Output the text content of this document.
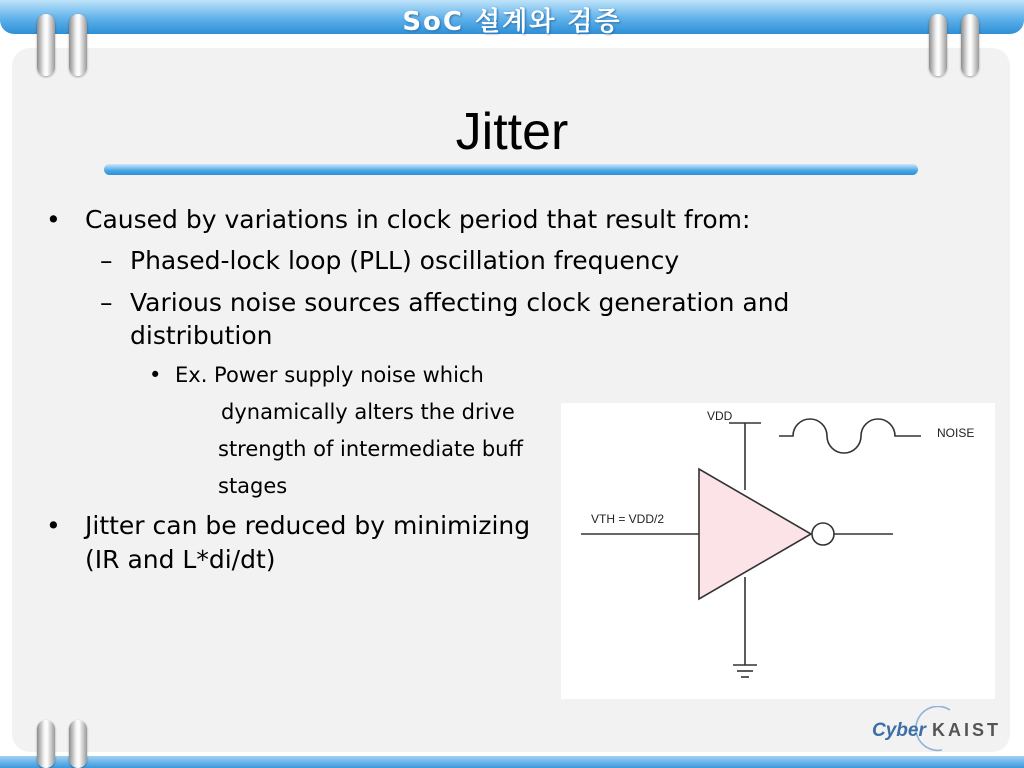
SoC 설계와 검증
Jitter
• Caused by variations in clock period that result from:
– Phased-lock loop (PLL) oscillation frequency
– Various noise sources affecting clock generation and
distribution
• Ex. Power supply noise which
dynamically alters the drive
strength of intermediate buff
stages
• Jitter can be reduced by minimizing
(IR and L*di/dt)
VDD
NOISE
VTH = VDD/2
Cyber KAIST
